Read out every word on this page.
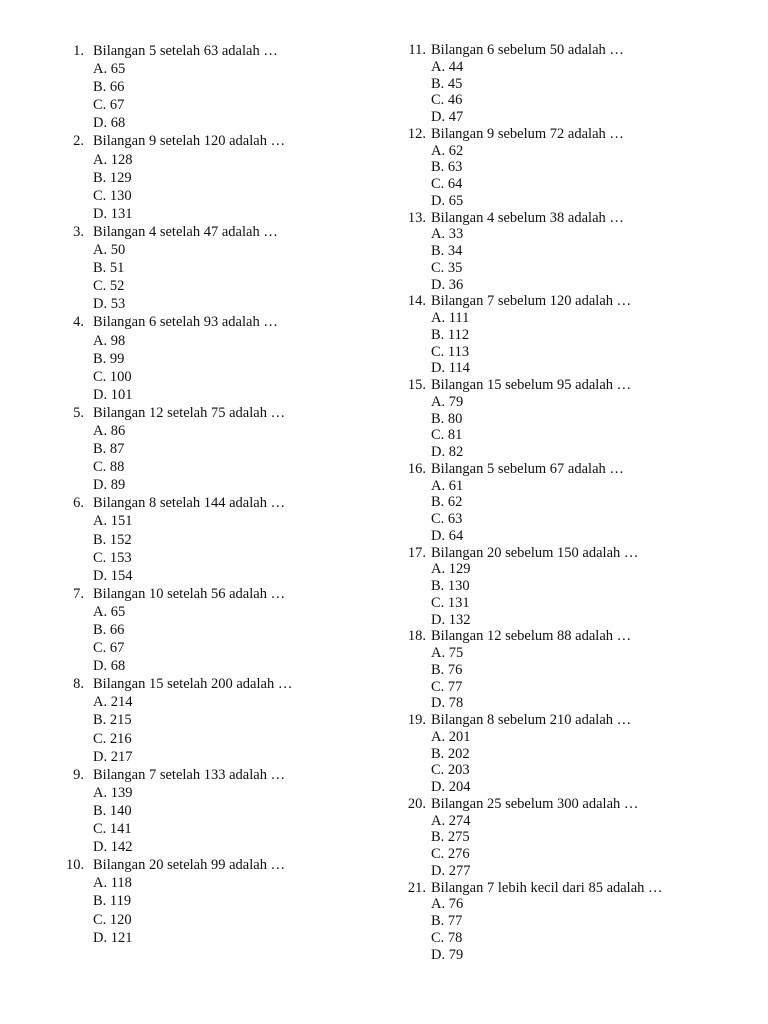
1. Bilangan 5 setelah 63 adalah …
A. 65
B. 66
C. 67
D. 68
2. Bilangan 9 setelah 120 adalah …
A. 128
B. 129
C. 130
D. 131
3. Bilangan 4 setelah 47 adalah …
A. 50
B. 51
C. 52
D. 53
4. Bilangan 6 setelah 93 adalah …
A. 98
B. 99
C. 100
D. 101
5. Bilangan 12 setelah 75 adalah …
A. 86
B. 87
C. 88
D. 89
6. Bilangan 8 setelah 144 adalah …
A. 151
B. 152
C. 153
D. 154
7. Bilangan 10 setelah 56 adalah …
A. 65
B. 66
C. 67
D. 68
8. Bilangan 15 setelah 200 adalah …
A. 214
B. 215
C. 216
D. 217
9. Bilangan 7 setelah 133 adalah …
A. 139
B. 140
C. 141
D. 142
10. Bilangan 20 setelah 99 adalah …
A. 118
B. 119
C. 120
D. 121
11. Bilangan 6 sebelum 50 adalah …
A. 44
B. 45
C. 46
D. 47
12. Bilangan 9 sebelum 72 adalah …
A. 62
B. 63
C. 64
D. 65
13. Bilangan 4 sebelum 38 adalah …
A. 33
B. 34
C. 35
D. 36
14. Bilangan 7 sebelum 120 adalah …
A. 111
B. 112
C. 113
D. 114
15. Bilangan 15 sebelum 95 adalah …
A. 79
B. 80
C. 81
D. 82
16. Bilangan 5 sebelum 67 adalah …
A. 61
B. 62
C. 63
D. 64
17. Bilangan 20 sebelum 150 adalah …
A. 129
B. 130
C. 131
D. 132
18. Bilangan 12 sebelum 88 adalah …
A. 75
B. 76
C. 77
D. 78
19. Bilangan 8 sebelum 210 adalah …
A. 201
B. 202
C. 203
D. 204
20. Bilangan 25 sebelum 300 adalah …
A. 274
B. 275
C. 276
D. 277
21. Bilangan 7 lebih kecil dari 85 adalah …
A. 76
B. 77
C. 78
D. 79
